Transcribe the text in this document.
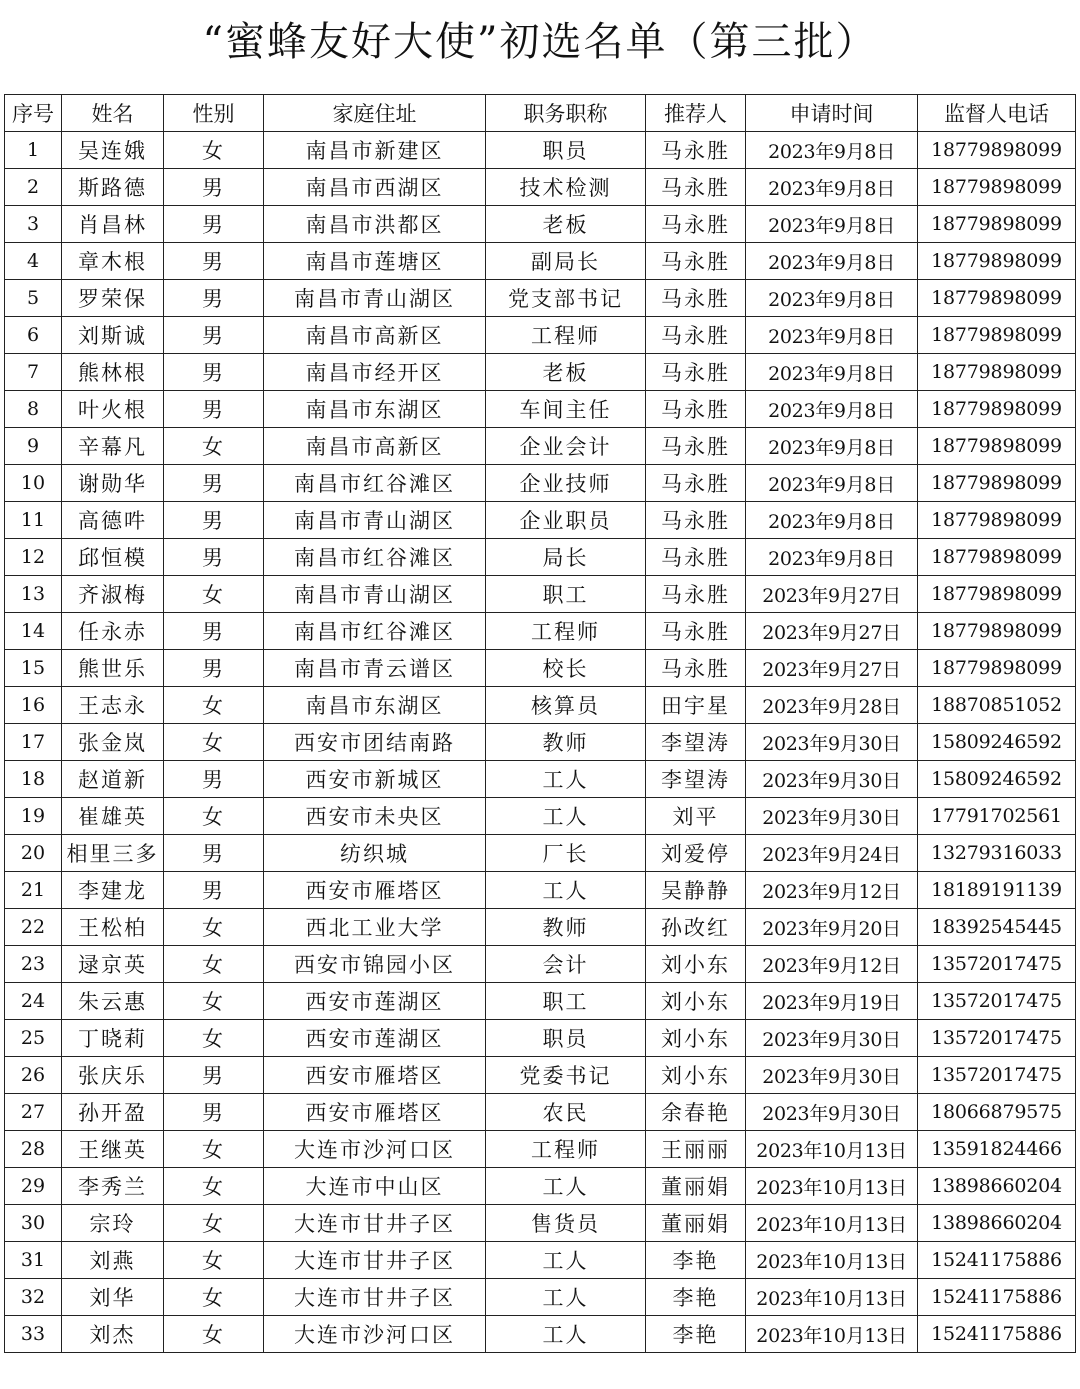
“蜜蜂友好大使”初选名单（第三批）
序号	姓名	性别	家庭住址	职务职称	推荐人	申请时间	监督人电话
1	吴连娥	女	南昌市新建区	职员	马永胜	2023年9月8日	18779898099
2	斯路德	男	南昌市西湖区	技术检测	马永胜	2023年9月8日	18779898099
3	肖昌林	男	南昌市洪都区	老板	马永胜	2023年9月8日	18779898099
4	章木根	男	南昌市莲塘区	副局长	马永胜	2023年9月8日	18779898099
5	罗荣保	男	南昌市青山湖区	党支部书记	马永胜	2023年9月8日	18779898099
6	刘斯诚	男	南昌市高新区	工程师	马永胜	2023年9月8日	18779898099
7	熊林根	男	南昌市经开区	老板	马永胜	2023年9月8日	18779898099
8	叶火根	男	南昌市东湖区	车间主任	马永胜	2023年9月8日	18779898099
9	辛幕凡	女	南昌市高新区	企业会计	马永胜	2023年9月8日	18779898099
10	谢勋华	男	南昌市红谷滩区	企业技师	马永胜	2023年9月8日	18779898099
11	高德吽	男	南昌市青山湖区	企业职员	马永胜	2023年9月8日	18779898099
12	邱恒模	男	南昌市红谷滩区	局长	马永胜	2023年9月8日	18779898099
13	齐淑梅	女	南昌市青山湖区	职工	马永胜	2023年9月27日	18779898099
14	任永赤	男	南昌市红谷滩区	工程师	马永胜	2023年9月27日	18779898099
15	熊世乐	男	南昌市青云谱区	校长	马永胜	2023年9月27日	18779898099
16	王志永	女	南昌市东湖区	核算员	田宇星	2023年9月28日	18870851052
17	张金岚	女	西安市团结南路	教师	李望涛	2023年9月30日	15809246592
18	赵道新	男	西安市新城区	工人	李望涛	2023年9月30日	15809246592
19	崔雄英	女	西安市未央区	工人	刘平	2023年9月30日	17791702561
20	相里三多	男	纺织城	厂长	刘爱停	2023年9月24日	13279316033
21	李建龙	男	西安市雁塔区	工人	吴静静	2023年9月12日	18189191139
22	王松柏	女	西北工业大学	教师	孙改红	2023年9月20日	18392545445
23	逯京英	女	西安市锦园小区	会计	刘小东	2023年9月12日	13572017475
24	朱云惠	女	西安市莲湖区	职工	刘小东	2023年9月19日	13572017475
25	丁晓莉	女	西安市莲湖区	职员	刘小东	2023年9月30日	13572017475
26	张庆乐	男	西安市雁塔区	党委书记	刘小东	2023年9月30日	13572017475
27	孙开盈	男	西安市雁塔区	农民	余春艳	2023年9月30日	18066879575
28	王继英	女	大连市沙河口区	工程师	王丽丽	2023年10月13日	13591824466
29	李秀兰	女	大连市中山区	工人	董丽娟	2023年10月13日	13898660204
30	宗玲	女	大连市甘井子区	售货员	董丽娟	2023年10月13日	13898660204
31	刘燕	女	大连市甘井子区	工人	李艳	2023年10月13日	15241175886
32	刘华	女	大连市甘井子区	工人	李艳	2023年10月13日	15241175886
33	刘杰	女	大连市沙河口区	工人	李艳	2023年10月13日	15241175886
